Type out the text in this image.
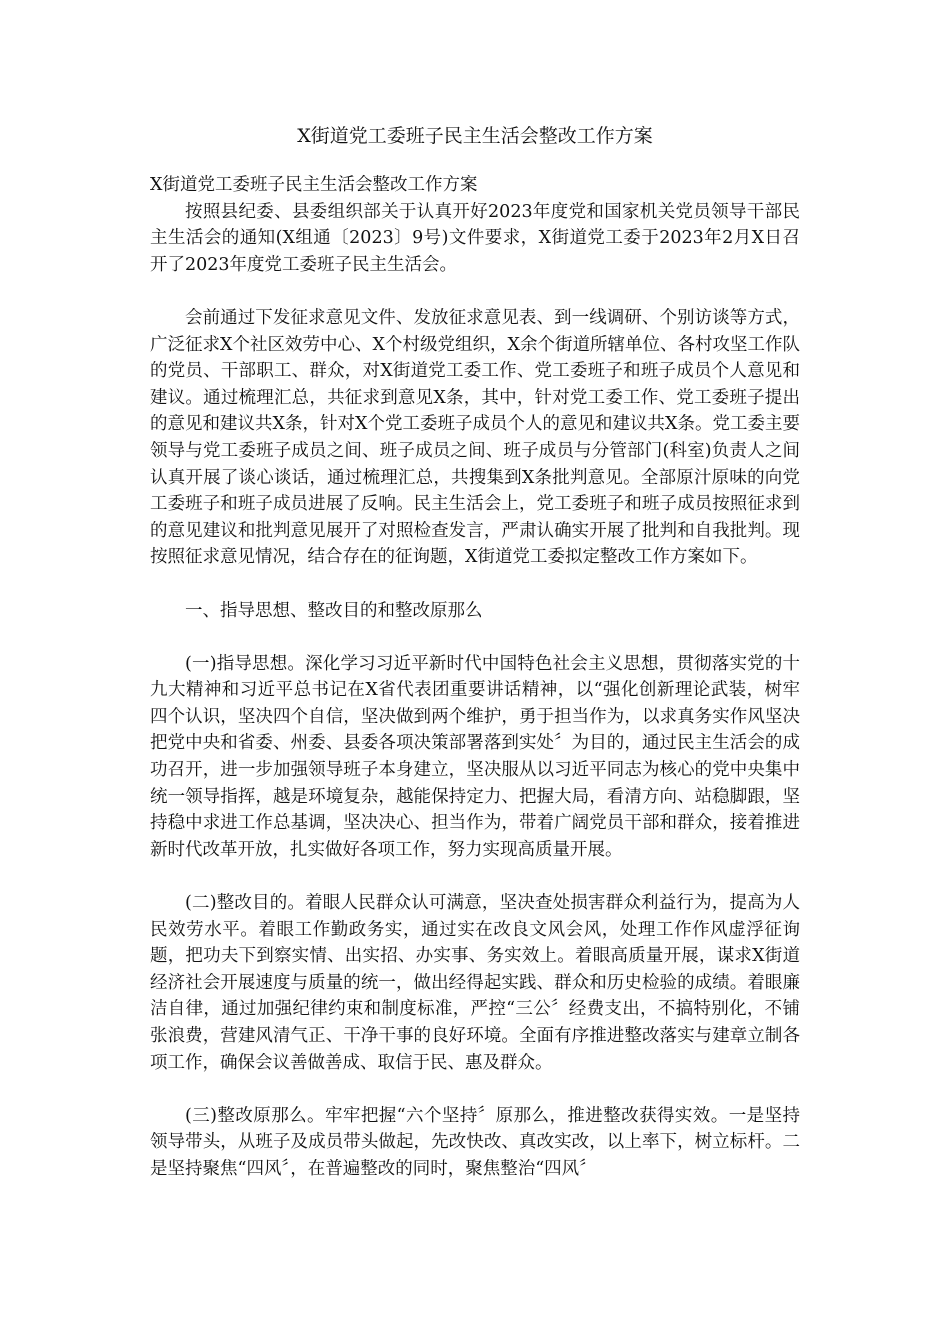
X街道党工委班子民主生活会整改工作方案

X街道党工委班子民主生活会整改工作方案

按照县纪委、县委组织部关于认真开好2023年度党和国家机关党员领导干部民主生活会的通知(X组通〔2023〕9号)文件要求，X街道党工委于2023年2月X日召开了2023年度党工委班子民主生活会。

会前通过下发征求意见文件、发放征求意见表、到一线调研、个别访谈等方式，广泛征求X个社区效劳中心、X个村级党组织，X余个街道所辖单位、各村攻坚工作队的党员、干部职工、群众，对X街道党工委工作、党工委班子和班子成员个人意见和建议。通过梳理汇总，共征求到意见X条，其中，针对党工委工作、党工委班子提出的意见和建议共X条，针对X个党工委班子成员个人的意见和建议共X条。党工委主要领导与党工委班子成员之间、班子成员之间、班子成员与分管部门(科室)负责人之间认真开展了谈心谈话，通过梳理汇总，共搜集到X条批判意见。全部原汁原味的向党工委班子和班子成员进展了反响。民主生活会上，党工委班子和班子成员按照征求到的意见建议和批判意见展开了对照检查发言，严肃认确实开展了批判和自我批判。现按照征求意见情况，结合存在的征询题，X街道党工委拟定整改工作方案如下。

一、指导思想、整改目的和整改原那么

(一)指导思想。深化学习习近平新时代中国特色社会主义思想，贯彻落实党的十九大精神和习近平总书记在X省代表团重要讲话精神，以“强化创新理论武装，树牢四个认识，坚决四个自信，坚决做到两个维护，勇于担当作为，以求真务实作风坚决把党中央和省委、州委、县委各项决策部署落到实处〞为目的，通过民主生活会的成功召开，进一步加强领导班子本身建立，坚决服从以习近平同志为核心的党中央集中统一领导指挥，越是环境复杂，越能保持定力、把握大局，看清方向、站稳脚跟，坚持稳中求进工作总基调，坚决决心、担当作为，带着广阔党员干部和群众，接着推进新时代改革开放，扎实做好各项工作，努力实现高质量开展。

(二)整改目的。着眼人民群众认可满意，坚决查处损害群众利益行为，提高为人民效劳水平。着眼工作勤政务实，通过实在改良文风会风，处理工作作风虚浮征询题，把功夫下到察实情、出实招、办实事、务实效上。着眼高质量开展，谋求X街道经济社会开展速度与质量的统一，做出经得起实践、群众和历史检验的成绩。着眼廉洁自律，通过加强纪律约束和制度标准，严控“三公〞经费支出，不搞特别化，不铺张浪费，营建风清气正、干净干事的良好环境。全面有序推进整改落实与建章立制各项工作，确保会议善做善成、取信于民、惠及群众。

(三)整改原那么。牢牢把握“六个坚持〞原那么，推进整改获得实效。一是坚持领导带头，从班子及成员带头做起，先改快改、真改实改，以上率下，树立标杆。二是坚持聚焦“四风〞，在普遍整改的同时，聚焦整治“四风〞
